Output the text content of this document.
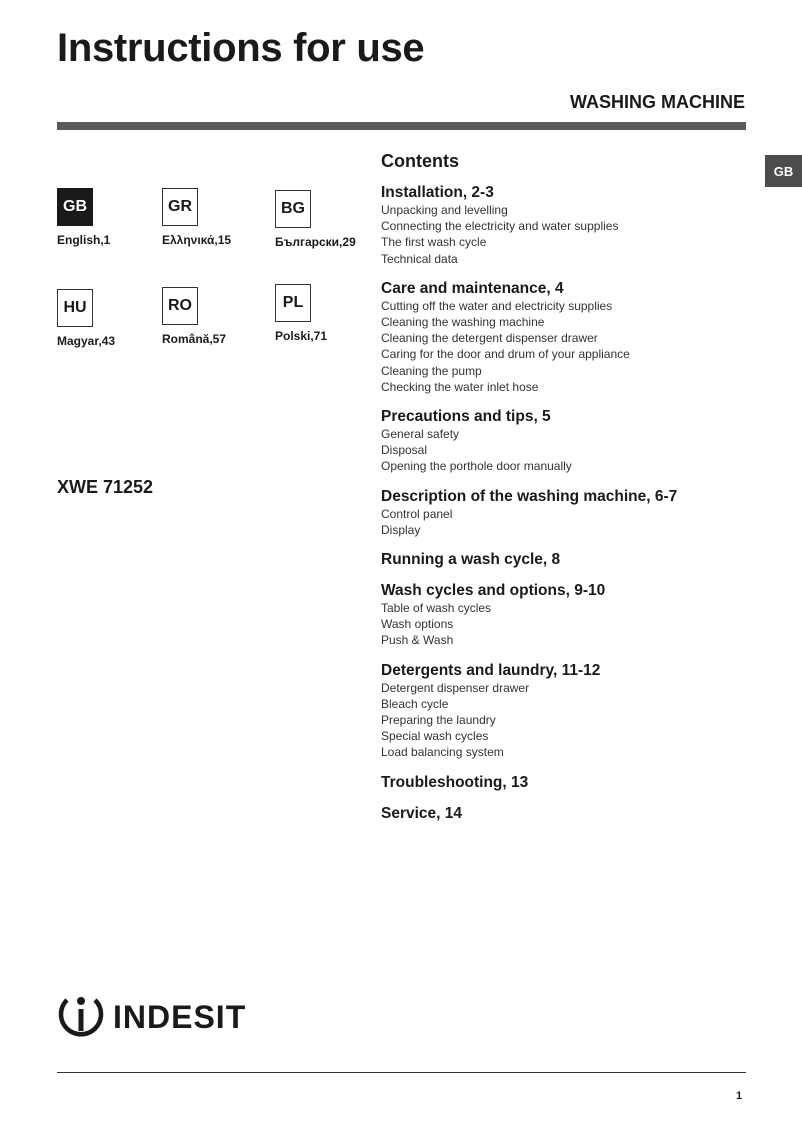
Instructions for use
WASHING MACHINE
GB
GB
English,1
GR
Ελληνικά,15
BG
Български,29
HU
Magyar,43
RO
Română,57
PL
Polski,71
XWE 71252
Contents
Installation, 2-3
Unpacking and levelling
Connecting the electricity and water supplies
The first wash cycle
Technical data
Care and maintenance, 4
Cutting off the water and electricity supplies
Cleaning the washing machine
Cleaning the detergent dispenser drawer
Caring for the door and drum of your appliance
Cleaning the pump
Checking the water inlet hose
Precautions and tips, 5
General safety
Disposal
Opening the porthole door manually
Description of the washing machine, 6-7
Control panel
Display
Running a wash cycle, 8
Wash cycles and options, 9-10
Table of wash cycles
Wash options
Push & Wash
Detergents and laundry, 11-12
Detergent dispenser drawer
Bleach cycle
Preparing the laundry
Special wash cycles
Load balancing system
Troubleshooting, 13
Service, 14
INDESIT
1
